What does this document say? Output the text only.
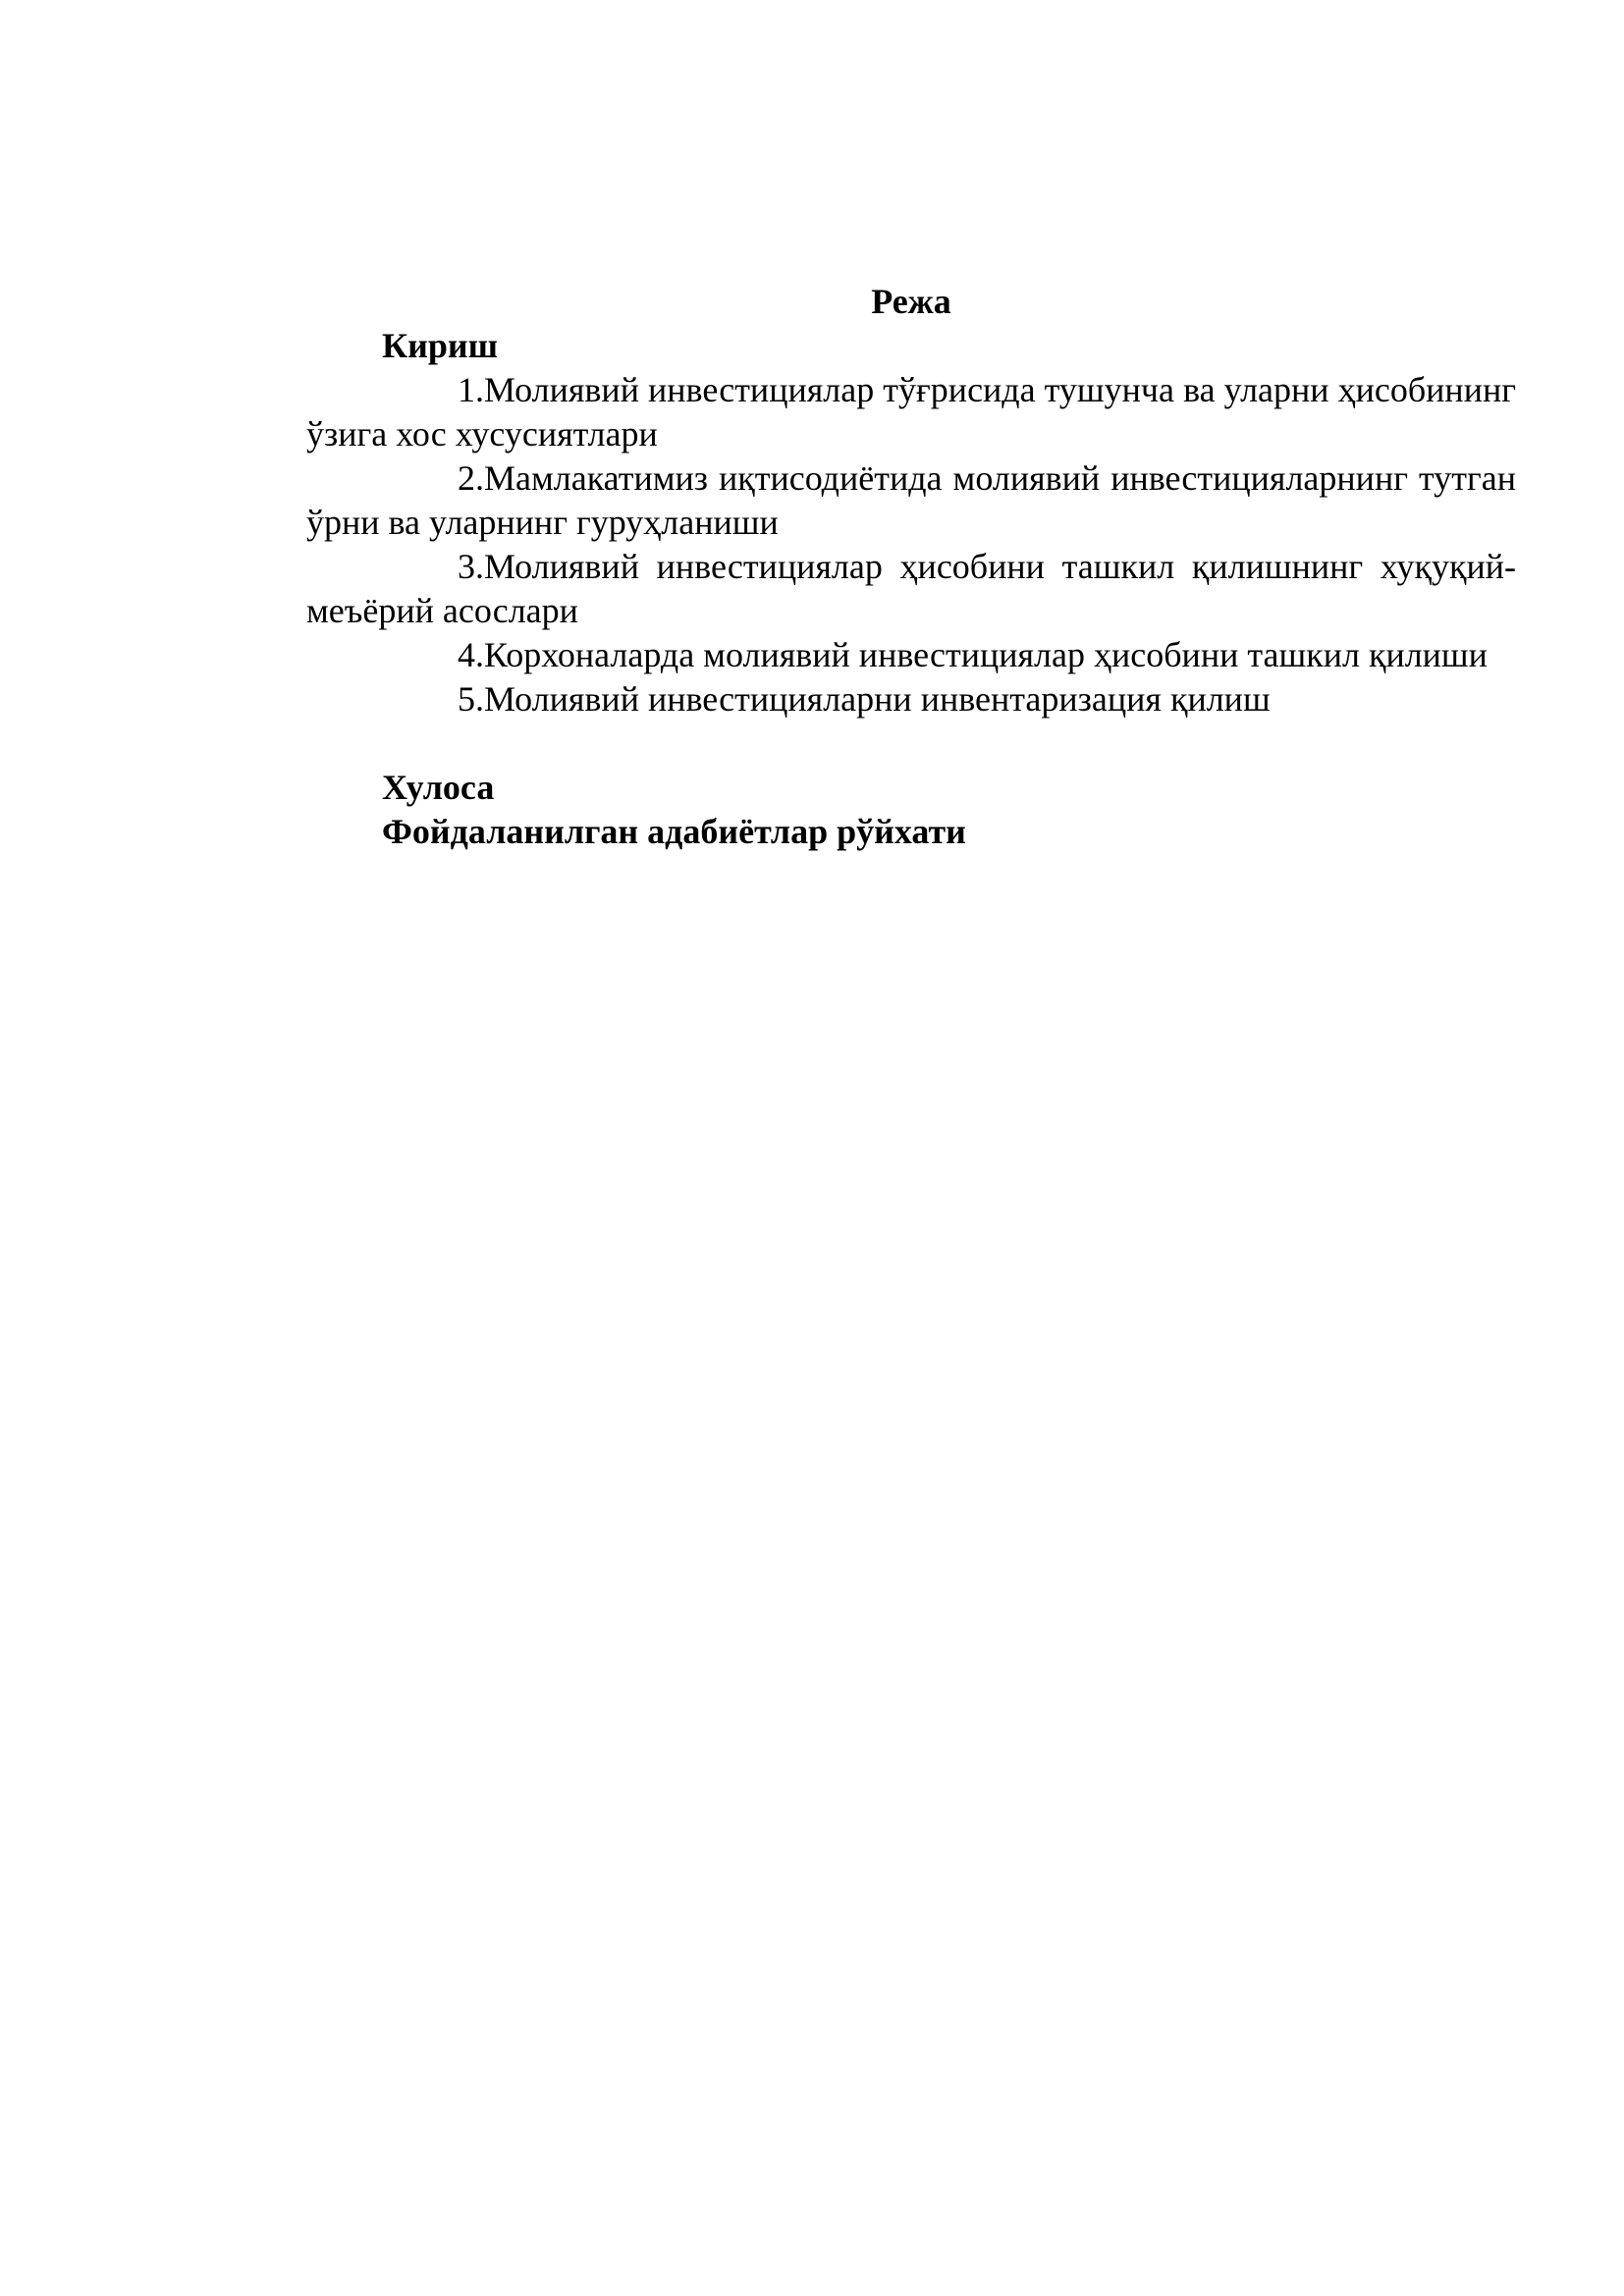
Режа

Кириш

1.Молиявий инвестициялар тўғрисида тушунча ва уларни ҳисобининг ўзига хос хусусиятлари

2.Мамлакатимиз иқтисодиётида молиявий инвестицияларнинг тутган ўрни ва уларнинг гуруҳланиши

3.Молиявий инвестициялар ҳисобини ташкил қилишнинг хуқуқий-меъёрий асослари

4.Корхоналарда молиявий инвестициялар ҳисобини ташкил қилиши

5.Молиявий инвестицияларни инвентаризация қилиш

Хулоса

Фойдаланилган адабиётлар рўйхати
